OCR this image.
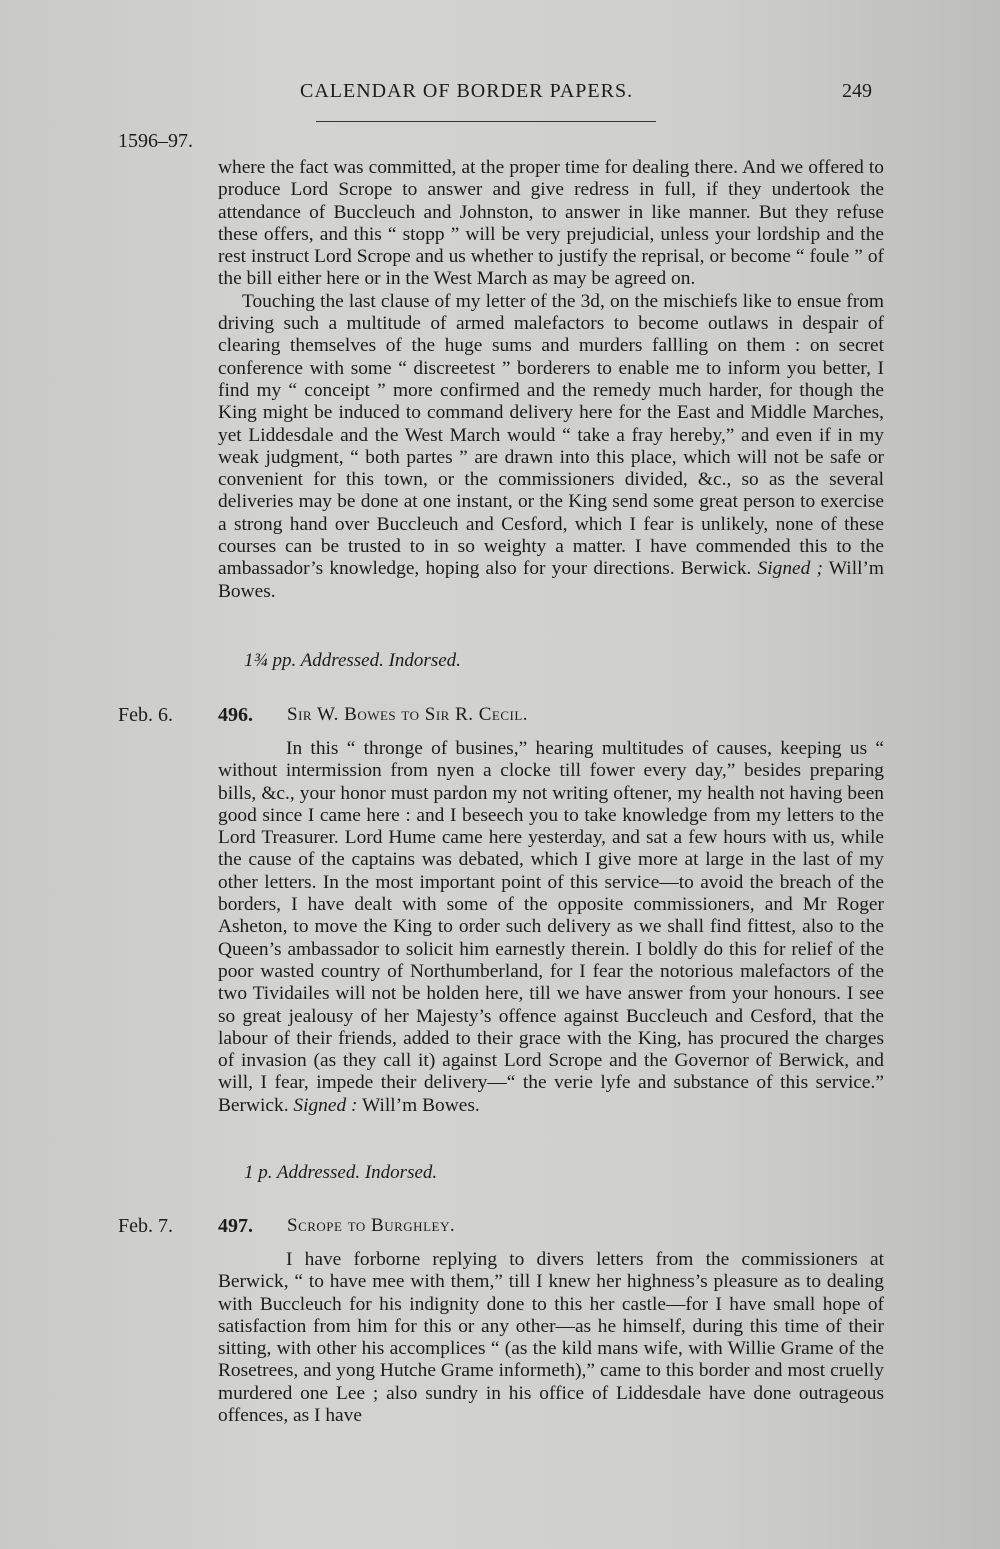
CALENDAR OF BORDER PAPERS.	249
1596–97.

where the fact was committed, at the proper time for dealing there. And we offered to produce Lord Scrope to answer and give redress in full, if they undertook the attendance of Buccleuch and Johnston, to answer in like manner. But they refuse these offers, and this “ stopp ” will be very prejudicial, unless your lordship and the rest instruct Lord Scrope and us whether to justify the reprisal, or become “ foule ” of the bill either here or in the West March as may be agreed on.

Touching the last clause of my letter of the 3d, on the mischiefs like to ensue from driving such a multitude of armed malefactors to become outlaws in despair of clearing themselves of the huge sums and murders fallling on them : on secret conference with some “ discreetest ” borderers to enable me to inform you better, I find my “ conceipt ” more confirmed and the remedy much harder, for though the King might be induced to command delivery here for the East and Middle Marches, yet Liddesdale and the West March would “ take a fray hereby,” and even if in my weak judgment, “ both partes ” are drawn into this place, which will not be safe or convenient for this town, or the commissioners divided, &c., so as the several deliveries may be done at one instant, or the King send some great person to exercise a strong hand over Buccleuch and Cesford, which I fear is unlikely, none of these courses can be trusted to in so weighty a matter. I have commended this to the ambassador’s knowledge, hoping also for your directions. Berwick. Signed ; Will’m Bowes.

1¾ pp. Addressed. Indorsed.
Feb. 6. 496. Sir W. Bowes to Sir R. Cecil.

In this “ thronge of busines,” hearing multitudes of causes, keeping us “ without intermission from nyen a clocke till fower every day,” besides preparing bills, &c., your honor must pardon my not writing oftener, my health not having been good since I came here : and I beseech you to take knowledge from my letters to the Lord Treasurer. Lord Hume came here yesterday, and sat a few hours with us, while the cause of the captains was debated, which I give more at large in the last of my other letters. In the most important point of this service—to avoid the breach of the borders, I have dealt with some of the opposite commissioners, and Mr Roger Asheton, to move the King to order such delivery as we shall find fittest, also to the Queen’s ambassador to solicit him earnestly therein. I boldly do this for relief of the poor wasted country of Northumberland, for I fear the notorious malefactors of the two Tividailes will not be holden here, till we have answer from your honours. I see so great jealousy of her Majesty’s offence against Buccleuch and Cesford, that the labour of their friends, added to their grace with the King, has procured the charges of invasion (as they call it) against Lord Scrope and the Governor of Berwick, and will, I fear, impede their delivery—“ the verie lyfe and substance of this service.” Berwick. Signed : Will’m Bowes.

1 p. Addressed. Indorsed.
Feb. 7. 497. Scrope to Burghley.

I have forborne replying to divers letters from the commissioners at Berwick, “ to have mee with them,” till I knew her highness’s pleasure as to dealing with Buccleuch for his indignity done to this her castle—for I have small hope of satisfaction from him for this or any other—as he himself, during this time of their sitting, with other his accomplices “ (as the kild mans wife, with Willie Grame of the Rosetrees, and yong Hutche Grame informeth),” came to this border and most cruelly murdered one Lee ; also sundry in his office of Liddesdale have done outrageous offences, as I have
